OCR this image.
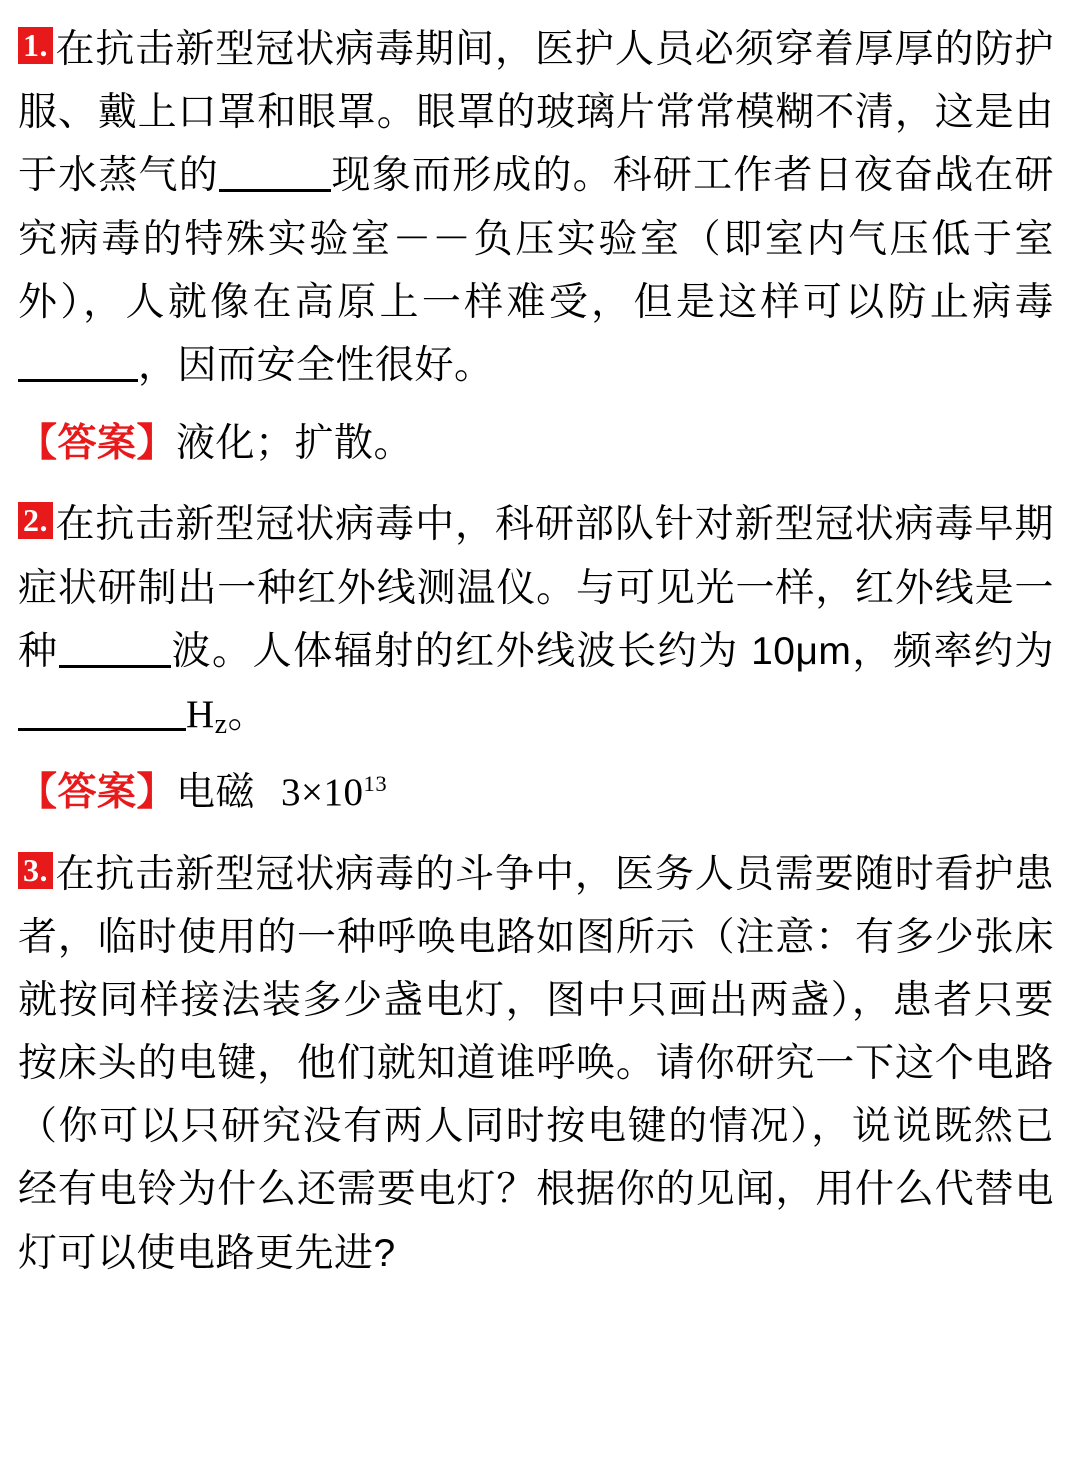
1. 在抗击新型冠状病毒期间，医护人员必须穿着厚厚的防护服、戴上口罩和眼罩。眼罩的玻璃片常常模糊不清，这是由于水蒸气的	现象而形成的。科研工作者日夜奋战在研究病毒的特殊实验室－－负压实验室（即室内气压低于室外），人就像在高原上一样难受，但是这样可以防止病毒，因而安全性很好。
【答案】液化；扩散。
2. 在抗击新型冠状病毒中，科研部队针对新型冠状病毒早期症状研制出一种红外线测温仪。与可见光一样，红外线是一种	波。人体辐射的红外线波长约为 10μm，频率约为$H_z$。
【答案】电磁 $3\times 10^{13}$
3. 在抗击新型冠状病毒的斗争中，医务人员需要随时看护患者，临时使用的一种呼唤电路如图所示（注意：有多少张床就按同样接法装多少盏电灯，图中只画出两盏），患者只要按床头的电键，他们就知道谁呼唤。请你研究一下这个电路（你可以只研究没有两人同时按电键的情况），说说既然已经有电铃为什么还需要电灯？根据你的见闻，用什么代替电灯可以使电路更先进?
